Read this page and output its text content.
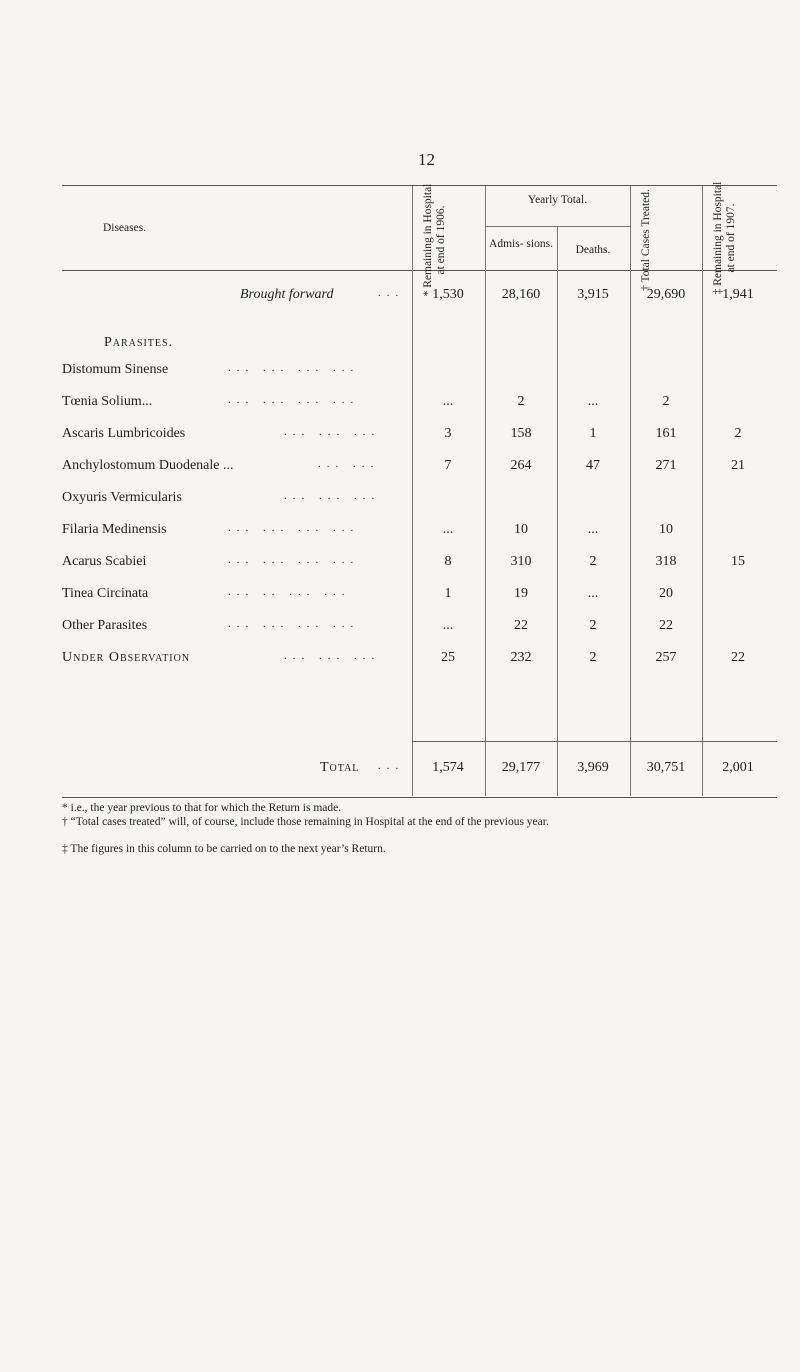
12
Diseases.	* Remaining in Hospital at end of 1906.
Yearly Total.
Admis- sions.	Deaths.	† Total Cases Treated.	‡ Remaining in Hospital at end of 1907.
Brought forward	...	1,530	28,160	3,915	29,690	1,941
Parasites.
Distomum Sinense	... ... ... ...
Tœnia Solium...	... ... ... ...	...	2	...	2
Ascaris Lumbricoides	... ... ...	3	158	1	161	2
Anchylostomum Duodenale ...	... ...	7	264	47	271	21
Oxyuris Vermicularis	... ... ...
Filaria Medinensis	... ... ... ...	...	10	...	10
Acarus Scabiei	... ... ... ...	8	310	2	318	15
Tinea Circinata	... .. ... ...	1	19	...	20
Other Parasites	... ... ... ...	...	22	2	22
Under Observation	... ... ...	25	232	2	257	22
Total ...	1,574	29,177	3,969	30,751	2,001
* i.e., the year previous to that for which the Return is made.
† “Total cases treated” will, of course, include those remaining in Hospital at the end of the previous year.
‡ The figures in this column to be carried on to the next year’s Return.
